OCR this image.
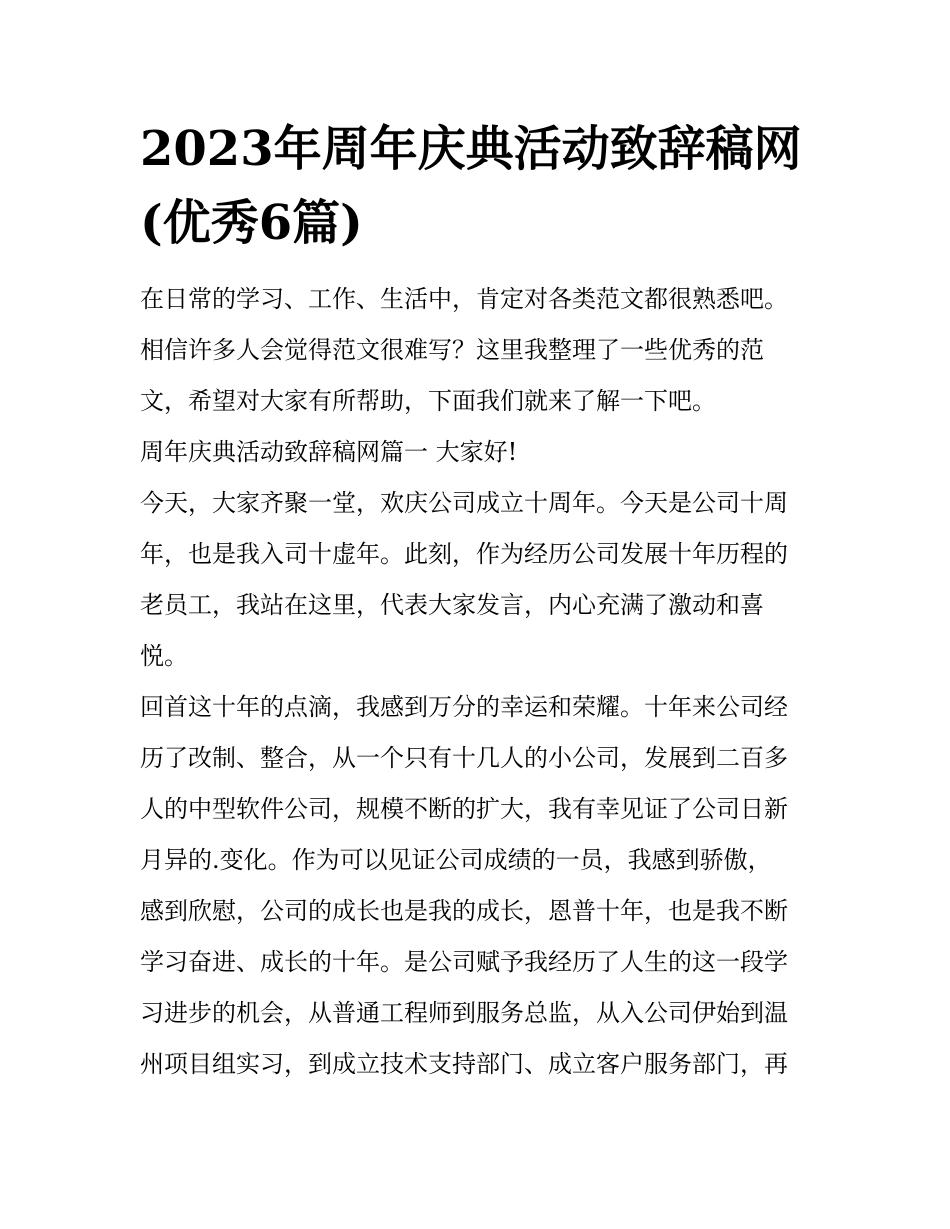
2023年周年庆典活动致辞稿网
(优秀6篇)
在日常的学习、工作、生活中，肯定对各类范文都很熟悉吧。
相信许多人会觉得范文很难写？这里我整理了一些优秀的范
文，希望对大家有所帮助，下面我们就来了解一下吧。
周年庆典活动致辞稿网篇一 大家好!
今天，大家齐聚一堂，欢庆公司成立十周年。今天是公司十周
年，也是我入司十虚年。此刻，作为经历公司发展十年历程的
老员工，我站在这里，代表大家发言，内心充满了激动和喜
悦。
回首这十年的点滴，我感到万分的幸运和荣耀。十年来公司经
历了改制、整合，从一个只有十几人的小公司，发展到二百多
人的中型软件公司，规模不断的扩大，我有幸见证了公司日新
月异的.变化。作为可以见证公司成绩的一员，我感到骄傲，
感到欣慰，公司的成长也是我的成长，恩普十年，也是我不断
学习奋进、成长的十年。是公司赋予我经历了人生的这一段学
习进步的机会，从普通工程师到服务总监，从入公司伊始到温
州项目组实习，到成立技术支持部门、成立客户服务部门，再
